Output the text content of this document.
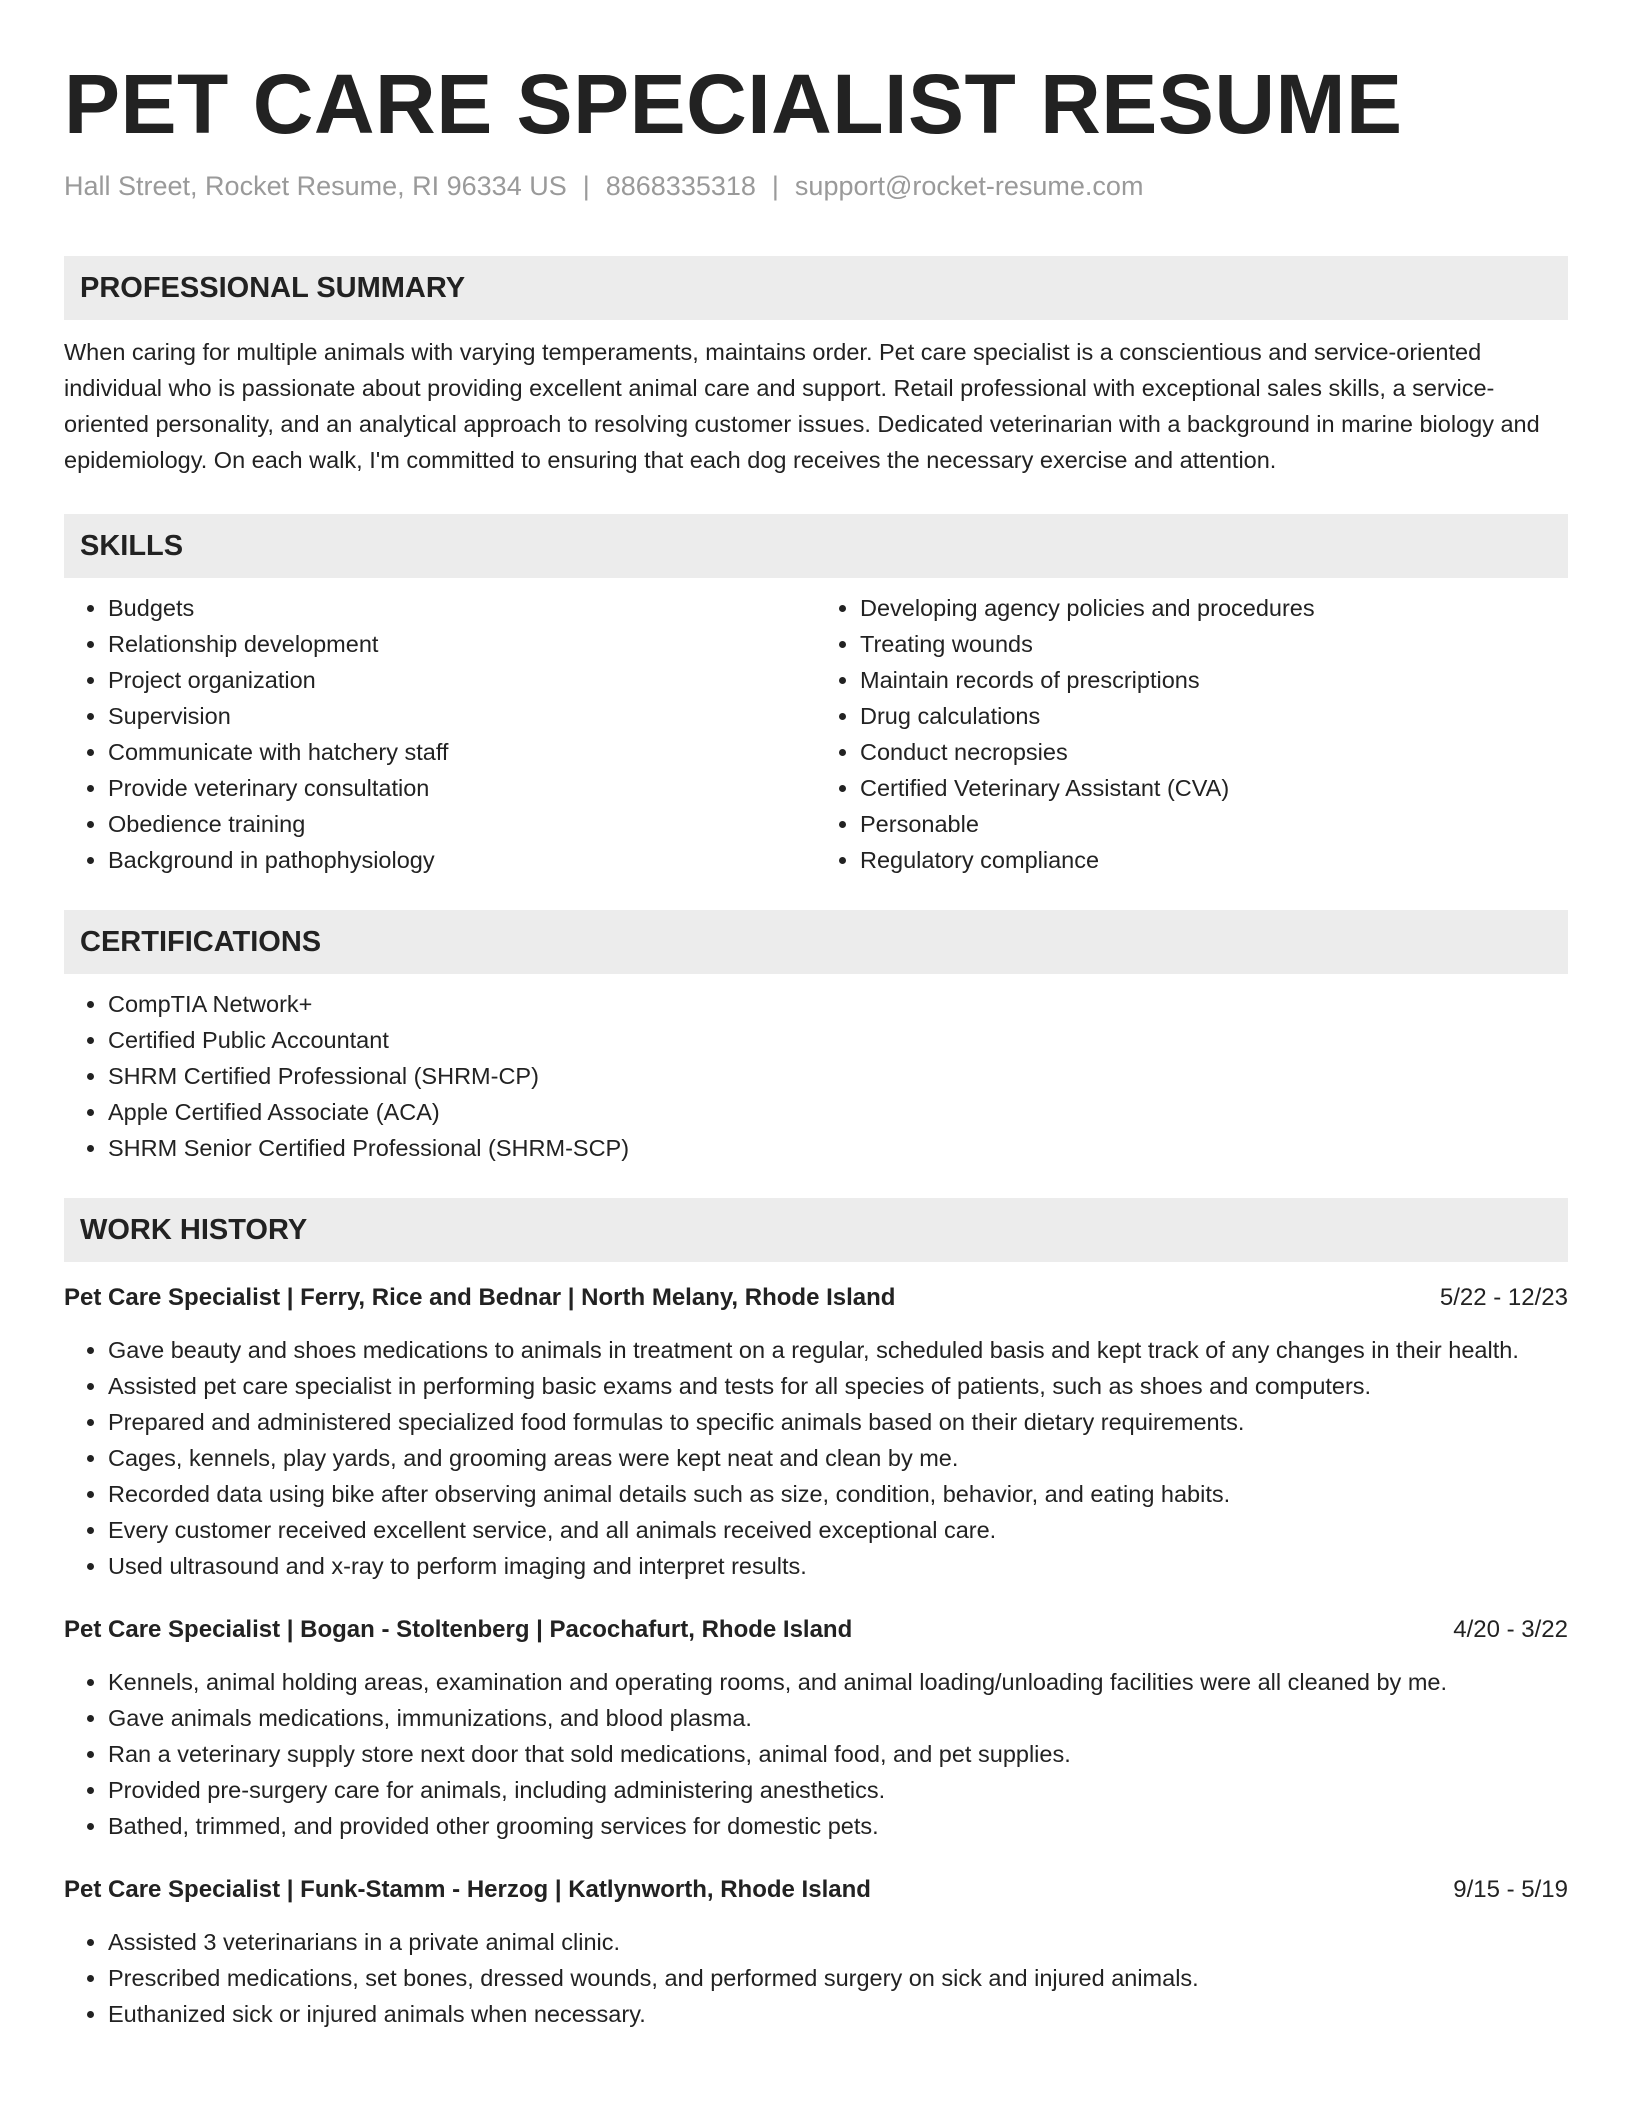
PET CARE SPECIALIST RESUME
Hall Street, Rocket Resume, RI 96334 US | 8868335318 | support@rocket-resume.com
PROFESSIONAL SUMMARY

When caring for multiple animals with varying temperaments, maintains order. Pet care specialist is a conscientious and service-oriented individual who is passionate about providing excellent animal care and support. Retail professional with exceptional sales skills, a service-oriented personality, and an analytical approach to resolving customer issues. Dedicated veterinarian with a background in marine biology and epidemiology. On each walk, I'm committed to ensuring that each dog receives the necessary exercise and attention.

SKILLS
• Budgets
• Relationship development
• Project organization
• Supervision
• Communicate with hatchery staff
• Provide veterinary consultation
• Obedience training
• Background in pathophysiology
• Developing agency policies and procedures
• Treating wounds
• Maintain records of prescriptions
• Drug calculations
• Conduct necropsies
• Certified Veterinary Assistant (CVA)
• Personable
• Regulatory compliance
CERTIFICATIONS
• CompTIA Network+
• Certified Public Accountant
• SHRM Certified Professional (SHRM-CP)
• Apple Certified Associate (ACA)
• SHRM Senior Certified Professional (SHRM-SCP)
WORK HISTORY
Pet Care Specialist | Ferry, Rice and Bednar | North Melany, Rhode Island	5/22 - 12/23
• Gave beauty and shoes medications to animals in treatment on a regular, scheduled basis and kept track of any changes in their health.
• Assisted pet care specialist in performing basic exams and tests for all species of patients, such as shoes and computers.
• Prepared and administered specialized food formulas to specific animals based on their dietary requirements.
• Cages, kennels, play yards, and grooming areas were kept neat and clean by me.
• Recorded data using bike after observing animal details such as size, condition, behavior, and eating habits.
• Every customer received excellent service, and all animals received exceptional care.
• Used ultrasound and x-ray to perform imaging and interpret results.
Pet Care Specialist | Bogan - Stoltenberg | Pacochafurt, Rhode Island	4/20 - 3/22
• Kennels, animal holding areas, examination and operating rooms, and animal loading/unloading facilities were all cleaned by me.
• Gave animals medications, immunizations, and blood plasma.
• Ran a veterinary supply store next door that sold medications, animal food, and pet supplies.
• Provided pre-surgery care for animals, including administering anesthetics.
• Bathed, trimmed, and provided other grooming services for domestic pets.
Pet Care Specialist | Funk-Stamm - Herzog | Katlynworth, Rhode Island	9/15 - 5/19
• Assisted 3 veterinarians in a private animal clinic.
• Prescribed medications, set bones, dressed wounds, and performed surgery on sick and injured animals.
• Euthanized sick or injured animals when necessary.
